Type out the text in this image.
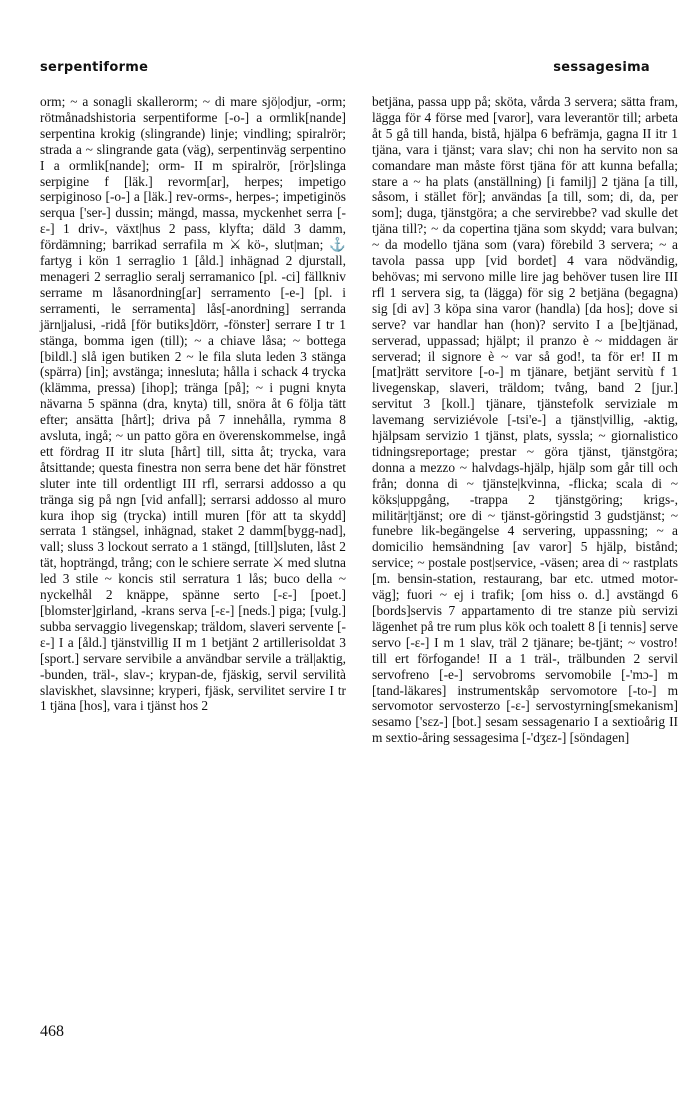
serpentiforme	sessagesima

orm; ~ a sonagli skallerorm; ~ di mare sjö|odjur, -orm; rötmånadshistoria serpentiforme [-o-] a ormlik[nande] serpentina krokig (slingrande) linje; vindling; spiralrör; strada a ~ slingrande gata (väg), serpentinväg serpentino I a ormlik[nande]; orm- II m spiralrör, [rör]slinga serpigine f [läk.] revorm[ar], herpes; impetigo serpiginoso [-o-] a [läk.] rev-orms-, herpes-; impetiginös serqua ['ser-] dussin; mängd, massa, myckenhet serra [-ɛ-] 1 driv-, växt|hus 2 pass, klyfta; däld 3 damm, fördämning; barrikad serrafila m ⚔ kö-, slut|man; ⚓ fartyg i kön 1 serraglio 1 [åld.] inhägnad 2 djurstall, menageri 2 serraglio seralj serramanico [pl. -ci] fällkniv serrame m låsanordning[ar] serramento [-e-] [pl. i serramenti, le serramenta] lås[-anordning] serranda järn|jalusi, -ridå [för butiks]dörr, -fönster] serrare I tr 1 stänga, bomma igen (till); ~ a chiave låsa; ~ bottega [bildl.] slå igen butiken 2 ~ le fila sluta leden 3 stänga (spärra) [in]; avstänga; innesluta; hålla i schack 4 trycka (klämma, pressa) [ihop]; tränga [på]; ~ i pugni knyta nävarna 5 spänna (dra, knyta) till, snöra åt 6 följa tätt efter; ansätta [hårt]; driva på 7 innehålla, rymma 8 avsluta, ingå; ~ un patto göra en överenskommelse, ingå ett fördrag II itr sluta [hårt] till, sitta åt; trycka, vara åtsittande; questa finestra non serra bene det här fönstret sluter inte till ordentligt III rfl, serrarsi addosso a qu tränga sig på ngn [vid anfall]; serrarsi addosso al muro kura ihop sig (trycka) intill muren [för att ta skydd] serrata 1 stängsel, inhägnad, staket 2 damm[bygg-nad], vall; sluss 3 lockout serrato a 1 stängd, [till]sluten, låst 2 tät, hopträngd, trång; con le schiere serrate ⚔ med slutna led 3 stile ~ koncis stil serratura 1 lås; buco della ~ nyckelhål 2 knäppe, spänne serto [-ɛ-] [poet.] [blomster]girland, -krans serva [-ɛ-] [neds.] piga; [vulg.] subba servaggio livegenskap; träldom, slaveri servente [-ɛ-] I a [åld.] tjänstvillig II m 1 betjänt 2 artillerisoldat 3 [sport.] servare servibile a användbar servile a träl|aktig, -bunden, träl-, slav-; krypan-de, fjäskig, servil servilità slaviskhet, slavsinne; kryperi, fjäsk, servilitet servire I tr 1 tjäna [hos], vara i tjänst hos 2

betjäna, passa upp på; sköta, vårda 3 servera; sätta fram, lägga för 4 förse med [varor], vara leverantör till; arbeta åt 5 gå till handa, bistå, hjälpa 6 befrämja, gagna II itr 1 tjäna, vara i tjänst; vara slav; chi non ha servito non sa comandare man måste först tjäna för att kunna befalla; stare a ~ ha plats (anställning) [i familj] 2 tjäna [a till, såsom, i stället för]; användas [a till, som; di, da, per som]; duga, tjänstgöra; a che servirebbe? vad skulle det tjäna till?; ~ da copertina tjäna som skydd; vara bulvan; ~ da modello tjäna som (vara) förebild 3 servera; ~ a tavola passa upp [vid bordet] 4 vara nödvändig, behövas; mi servono mille lire jag behöver tusen lire III rfl 1 servera sig, ta (lägga) för sig 2 betjäna (begagna) sig [di av] 3 köpa sina varor (handla) [da hos]; dove si serve? var handlar han (hon)? servito I a [be]tjänad, serverad, uppassad; hjälpt; il pranzo è ~ middagen är serverad; il signore è ~ var så god!, ta för er! II m [mat]rätt servitore [-o-] m tjänare, betjänt servitù f 1 livegenskap, slaveri, träldom; tvång, band 2 [jur.] servitut 3 [koll.] tjänare, tjänstefolk serviziale m lavemang serviziévole [-tsi'e-] a tjänst|villig, -aktig, hjälpsam servizio 1 tjänst, plats, syssla; ~ giornalistico tidningsreportage; prestar ~ göra tjänst, tjänstgöra; donna a mezzo ~ halvdags-hjälp, hjälp som går till och från; donna di ~ tjänste|kvinna, -flicka; scala di ~ köks|uppgång, -trappa 2 tjänstgöring; krigs-, militär|tjänst; ore di ~ tjänst-göringstid 3 gudstjänst; ~ funebre lik-begängelse 4 servering, uppassning; ~ a domicilio hemsändning [av varor] 5 hjälp, bistånd; service; ~ postale post|service, -väsen; area di ~ rastplats [m. bensin-station, restaurang, bar etc. utmed motor-väg]; fuori ~ ej i trafik; [om hiss o. d.] avstängd 6 [bords]servis 7 appartamento di tre stanze più servizi lägenhet på tre rum plus kök och toalett 8 [i tennis] serve servo [-ɛ-] I m 1 slav, träl 2 tjänare; be-tjänt; ~ vostro! till ert förfogande! II a 1 träl-, trälbunden 2 servil servofreno [-e-] servobroms servomobile [-'mɔ-] m [tand-läkares] instrumentskåp servomotore [-to-] m servomotor servosterzo [-ɛ-] servostyrning[smekanism] sesamo ['sɛz-] [bot.] sesam sessagenario I a sextioårig II m sextio-åring sessagesima [-'dʒɛz-] [söndagen]

468
